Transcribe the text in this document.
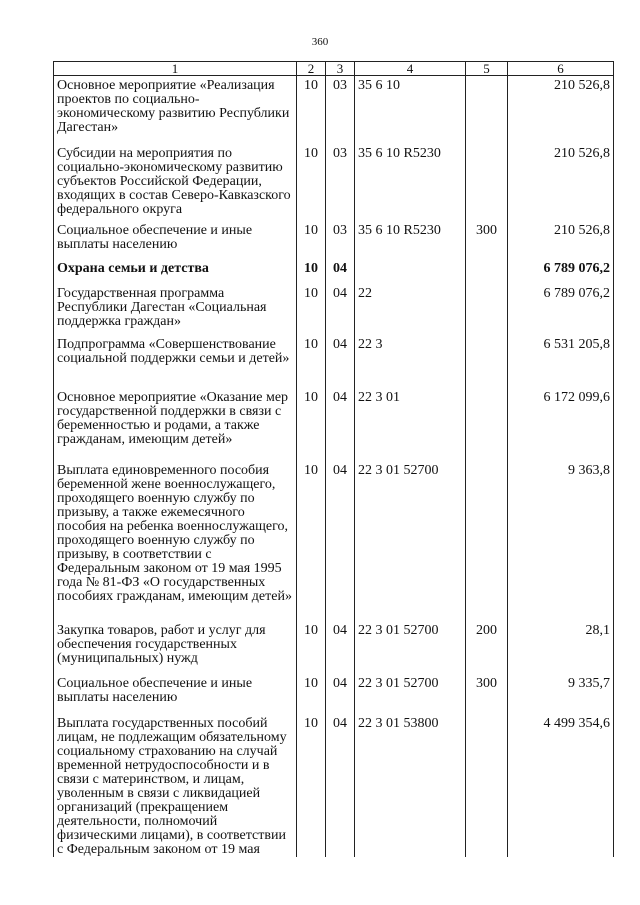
360
1	2	3	4	5	6
Основное мероприятие «Реализация проектов по социально-экономическому развитию Республики Дагестан»	10	03	35 6 10		210 526,8
Субсидии на мероприятия по социально-экономическому развитию субъектов Российской Федерации, входящих в состав Северо-Кавказского федерального округа	10	03	35 6 10 R5230		210 526,8
Социальное обеспечение и иные выплаты населению	10	03	35 6 10 R5230	300	210 526,8
Охрана семьи и детства	10	04			6 789 076,2
Государственная программа Республики Дагестан «Социальная поддержка граждан»	10	04	22		6 789 076,2
Подпрограмма «Совершенствование социальной поддержки семьи и детей»	10	04	22 3		6 531 205,8
Основное мероприятие «Оказание мер государственной поддержки в связи с беременностью и родами, а также гражданам, имеющим детей»	10	04	22 3 01		6 172 099,6
Выплата единовременного пособия беременной жене военнослужащего, проходящего военную службу по призыву, а также ежемесячного пособия на ребенка военнослужащего, проходящего военную службу по призыву, в соответствии с Федеральным законом от 19 мая 1995 года № 81-ФЗ «О государственных пособиях гражданам, имеющим детей»	10	04	22 3 01 52700		9 363,8
Закупка товаров, работ и услуг для обеспечения государственных (муниципальных) нужд	10	04	22 3 01 52700	200	28,1
Социальное обеспечение и иные выплаты населению	10	04	22 3 01 52700	300	9 335,7
Выплата государственных пособий лицам, не подлежащим обязательному социальному страхованию на случай временной нетрудоспособности и в связи с материнством, и лицам, уволенным в связи с ликвидацией организаций (прекращением деятельности, полномочий физическими лицами), в соответствии с Федеральным законом от 19 мая	10	04	22 3 01 53800		4 499 354,6
